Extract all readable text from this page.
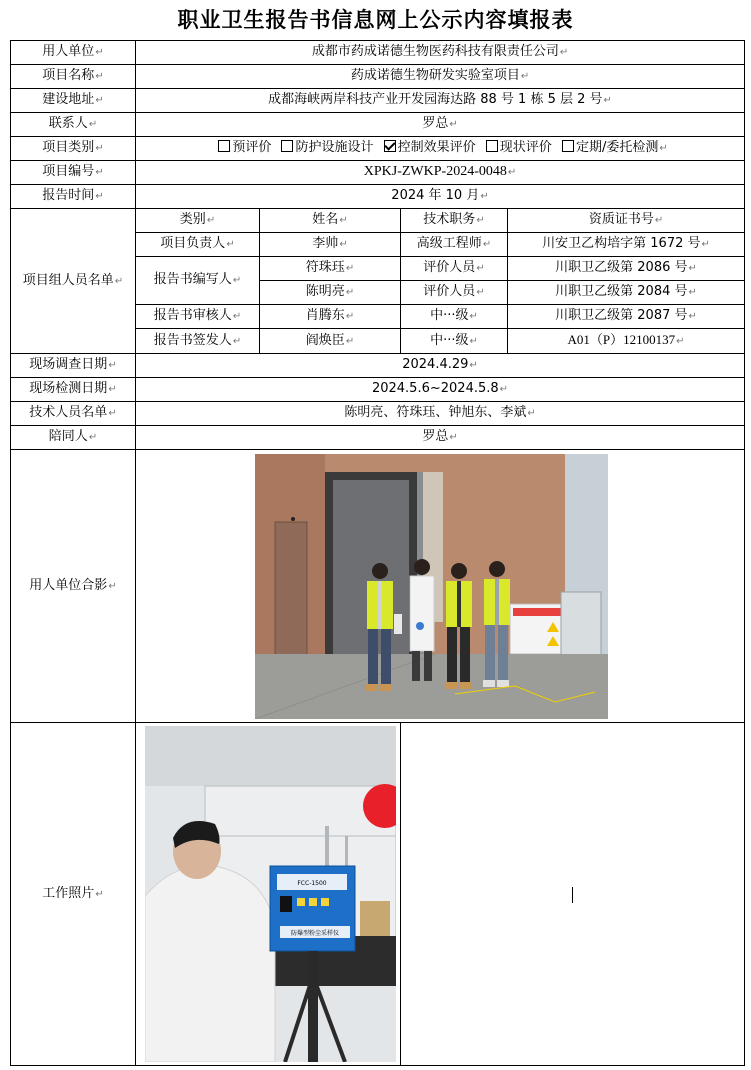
职业卫生报告书信息网上公示内容填报表
用人单位↵	成都市药成诺德生物医药科技有限责任公司↵			
项目名称↵	药成诺德生物研发实验室项目↵			
建设地址↵	成都海峡两岸科技产业开发园海达路 88 号 1 栋 5 层 2 号↵			
联系人↵	罗总↵			
项目类别↵	预评价 防护设施设计 控制效果评价 现状评价 定期/委托检测↵			
项目编号↵	XPKJ-ZWKP-2024-0048↵			
报告时间↵	2024 年 10 月↵			
项目组人员名单↵	类别↵	姓名↵	技术职务↵	资质证书号↵
	项目负责人↵	李帅↵	高级工程师↵	川安卫乙构培字第 1672 号↵
	报告书编写人↵	符珠珏↵	评价人员↵	川职卫乙级第 2086 号↵
		陈明亮↵	评价人员↵	川职卫乙级第 2084 号↵
	报告书审核人↵	肖腾东↵	中···级↵	川职卫乙级第 2087 号↵
	报告书签发人↵	阎焕臣↵	中···级↵	A01（P）12100137↵
现场调查日期↵	2024.4.29↵			
现场检测日期↵	2024.5.6~2024.5.8↵			
技术人员名单↵	陈明亮、符珠珏、钟旭东、李斌↵			
陪同人↵	罗总↵			
用人单位合影↵	

工作照片↵	FCC-1500
防爆型粉尘采样仪			
